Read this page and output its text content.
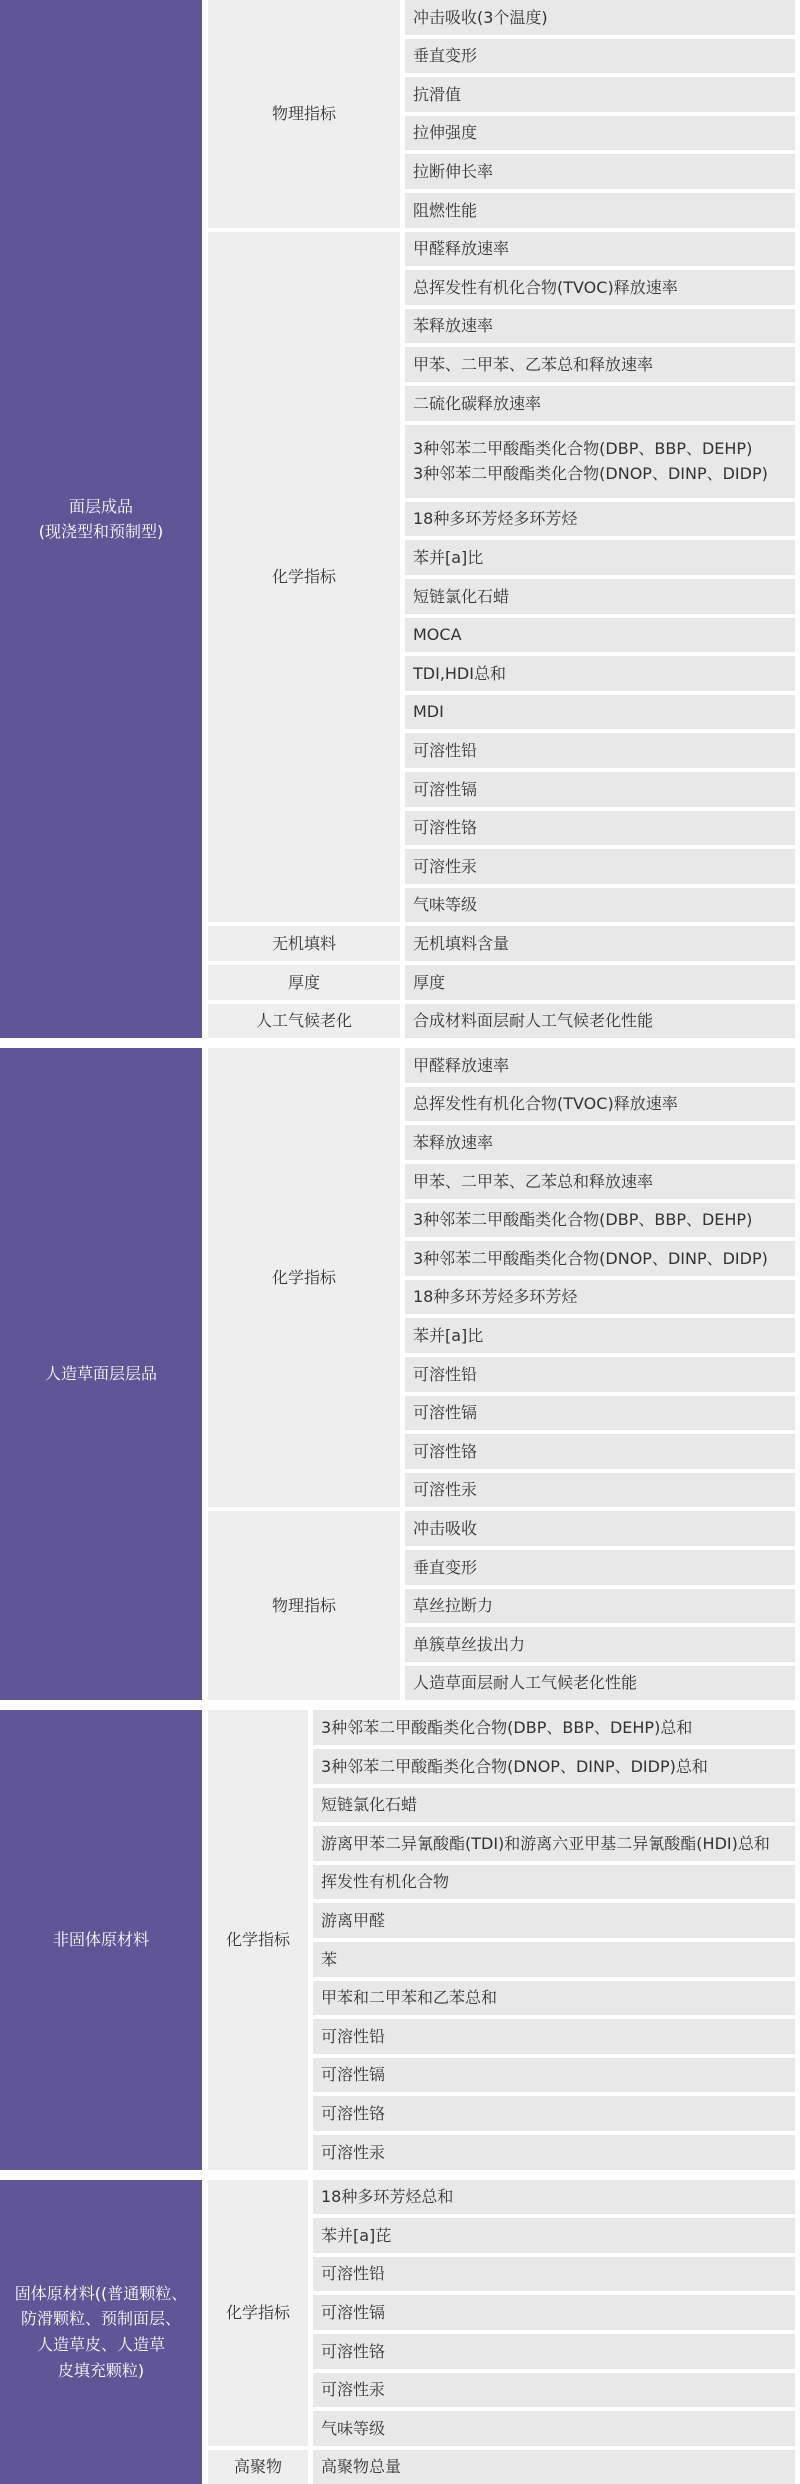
冲击吸收(3个温度)
垂直变形
抗滑值
拉伸强度
拉断伸长率
阻燃性能
物理指标
甲醛释放速率
总挥发性有机化合物(TVOC)释放速率
苯释放速率
甲苯、二甲苯、乙苯总和释放速率
二硫化碳释放速率
3种邻苯二甲酸酯类化合物(DBP、BBP、DEHP)
3种邻苯二甲酸酯类化合物(DNOP、DINP、DIDP)
18种多环芳烃多环芳烃
苯并[a]比
短链氯化石蜡
MOCA
TDI,HDI总和
MDI
可溶性铅
可溶性镉
可溶性铬
可溶性汞
气味等级
化学指标
无机填料含量
无机填料
厚度
厚度
合成材料面层耐人工气候老化性能
人工气候老化
面层成品
(现浇型和预制型)
甲醛释放速率
总挥发性有机化合物(TVOC)释放速率
苯释放速率
甲苯、二甲苯、乙苯总和释放速率
3种邻苯二甲酸酯类化合物(DBP、BBP、DEHP)
3种邻苯二甲酸酯类化合物(DNOP、DINP、DIDP)
18种多环芳烃多环芳烃
苯并[a]比
可溶性铅
可溶性镉
可溶性铬
可溶性汞
化学指标
冲击吸收
垂直变形
草丝拉断力
单簇草丝拔出力
人造草面层耐人工气候老化性能
物理指标
人造草面层层品
3种邻苯二甲酸酯类化合物(DBP、BBP、DEHP)总和
3种邻苯二甲酸酯类化合物(DNOP、DINP、DIDP)总和
短链氯化石蜡
游离甲苯二异氰酸酯(TDI)和游离六亚甲基二异氰酸酯(HDI)总和
挥发性有机化合物
游离甲醛
苯
甲苯和二甲苯和乙苯总和
可溶性铅
可溶性镉
可溶性铬
可溶性汞
化学指标
非固体原材料
18种多环芳烃总和
苯并[a]芘
可溶性铅
可溶性镉
可溶性铬
可溶性汞
气味等级
化学指标
高聚物总量
高聚物
固体原材料((普通颗粒、
防滑颗粒、预制面层、
人造草皮、人造草
皮填充颗粒)
